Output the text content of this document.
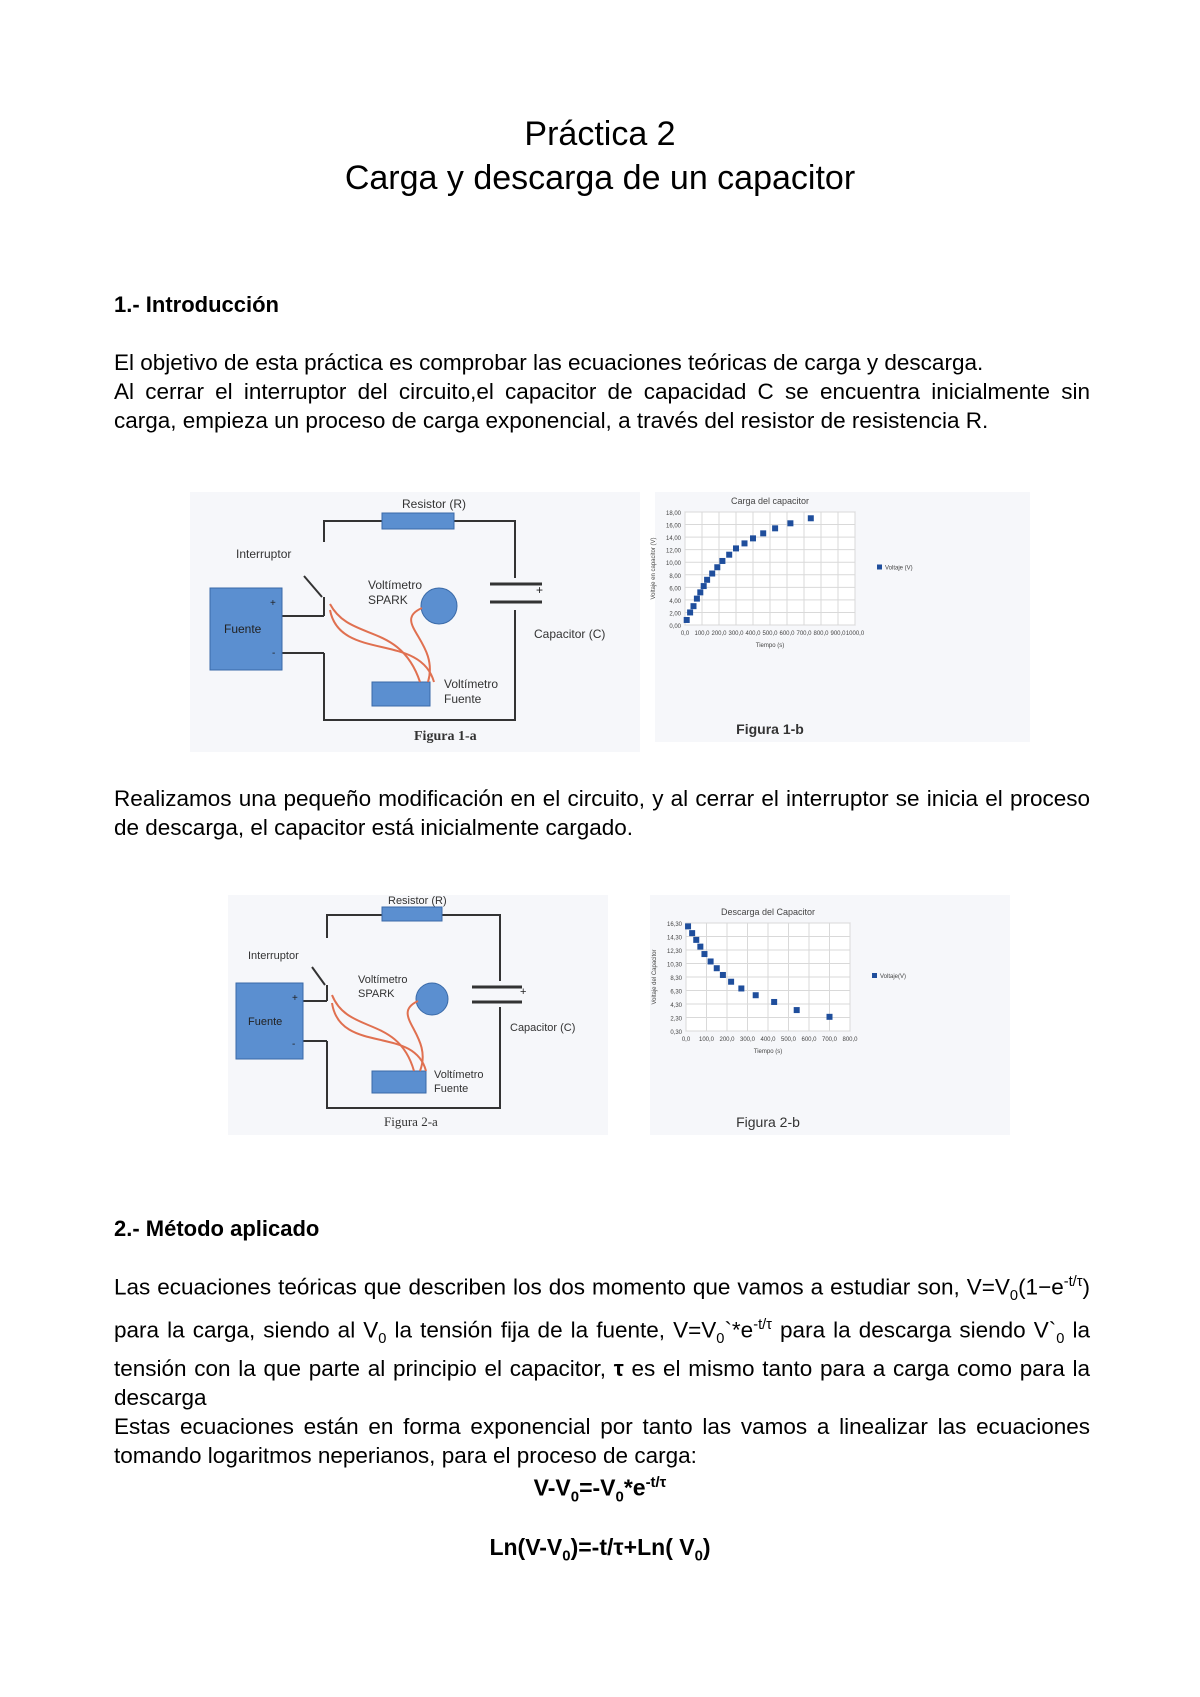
Práctica 2
Carga y descarga de un capacitor
1.- Introducción

El objetivo de esta práctica es comprobar las ecuaciones teóricas de carga y descarga.

Al cerrar el interruptor del circuito,el capacitor de capacidad C se encuentra inicialmente sin carga, empieza un proceso de carga exponencial, a través del resistor de resistencia R.

Resistor (R)
Interruptor
Voltímetro
SPARK
Capacitor (C)
Fuente
+
-
+
Voltímetro
Fuente
Figura 1-a
0,00
2,00
4,00
6,00
8,00
10,00
12,00
14,00
16,00
18,00
0,0 100,0 200,0 300,0 400,0 500,0 600,0 700,0 800,0 900,0 1000,0
Carga del capacitor
Tiempo (s)
Voltaje en capacitor (V)	Voltaje (V)
Figura 1-b

Realizamos una pequeño modificación en el circuito, y al cerrar el interruptor se inicia el proceso de descarga, el capacitor está inicialmente cargado.

Resistor (R)
Interruptor
Voltímetro
SPARK
Capacitor (C)
Fuente
+
-
+
Voltímetro
Fuente
Figura 2-a
0,30
2,30
4,30
6,30
8,30
10,30
12,30
14,30
16,30
0,0 100,0 200,0 300,0 400,0 500,0 600,0 700,0 800,0
Descarga del Capacitor
Tiempo (s)
Voltaje del Capacitor	Voltaje(V)
Figura 2-b
2.- Método aplicado

Las ecuaciones teóricas que describen los dos momento que vamos a estudiar son, $V=V_0(1-e^{-t/\tau})$ para la carga, siendo al $V_0$ la tensión fija de la fuente, $V=V_0`*e^{-t/\tau}$ para la descarga siendo $V`_0$ la tensión con la que parte al principio el capacitor, τ es el mismo tanto para a carga como para la descarga

Estas ecuaciones están en forma exponencial por tanto las vamos a linealizar las ecuaciones tomando logaritmos neperianos, para el proceso de carga:

$V-V_0=-V_0*e^{-t/\tau}$
$Ln(V-V_0)=-t/\tau+Ln$( $V_0$)
